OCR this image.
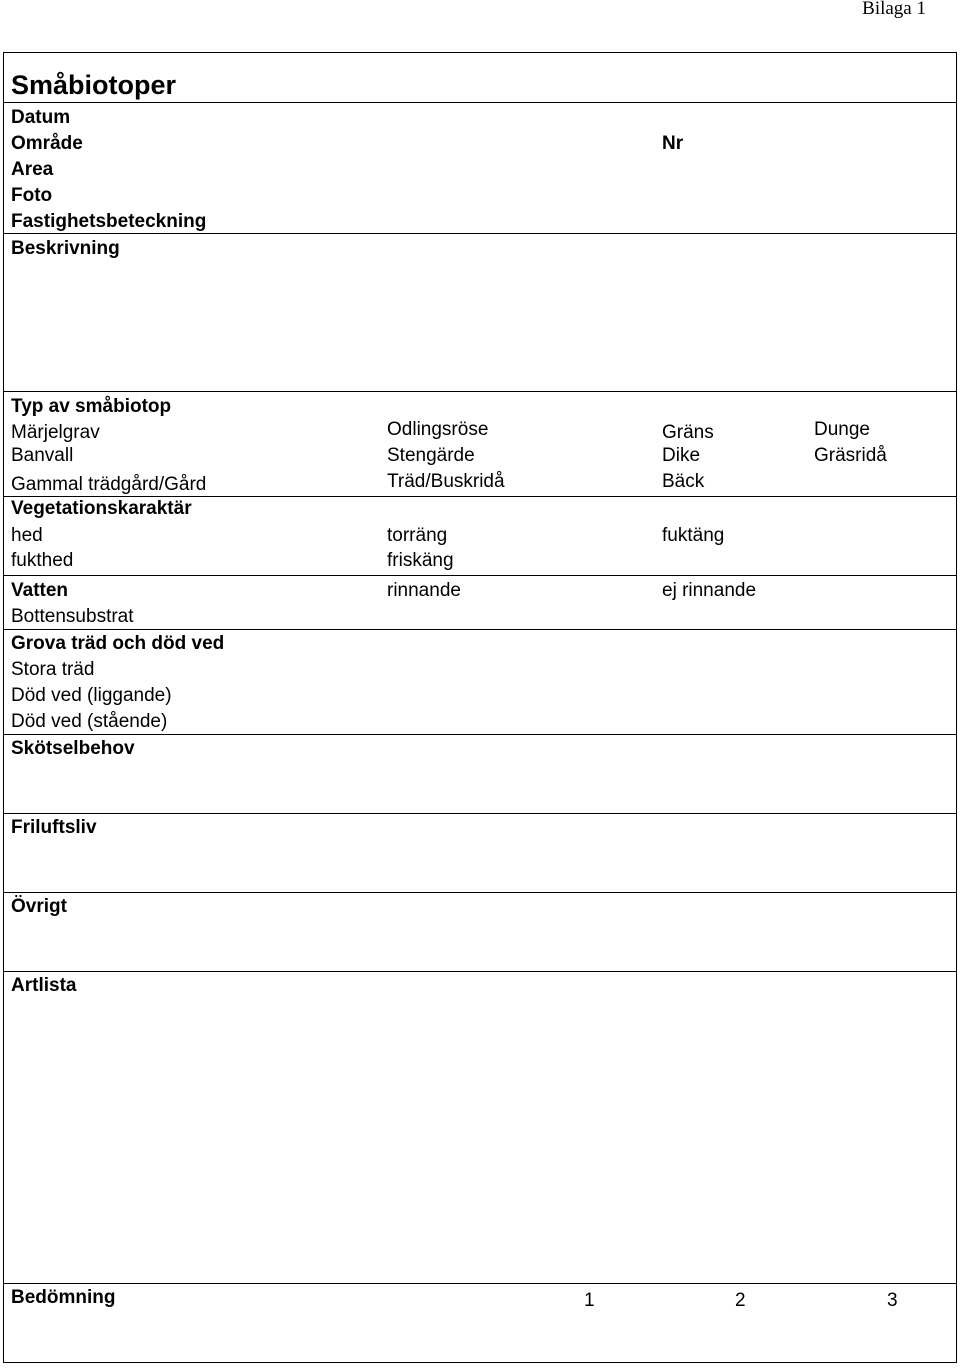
Bilaga 1
Småbiotoper
Datum
Område	Nr
Area
Foto
Fastighetsbeteckning
Beskrivning
Typ av småbiotop
Märjelgrav	Odlingsröse	Gräns	Dunge
Banvall	Stengärde	Dike	Gräsridå
Gammal trädgård/Gård	Träd/Buskridå	Bäck
Vegetationskaraktär
hed	torräng	fuktäng
fukthed	friskäng
Vatten	rinnande	ej rinnande
Bottensubstrat
Grova träd och död ved
Stora träd
Död ved (liggande)
Död ved (stående)
Skötselbehov
Friluftsliv
Övrigt
Artlista
Bedömning	1	2	3
